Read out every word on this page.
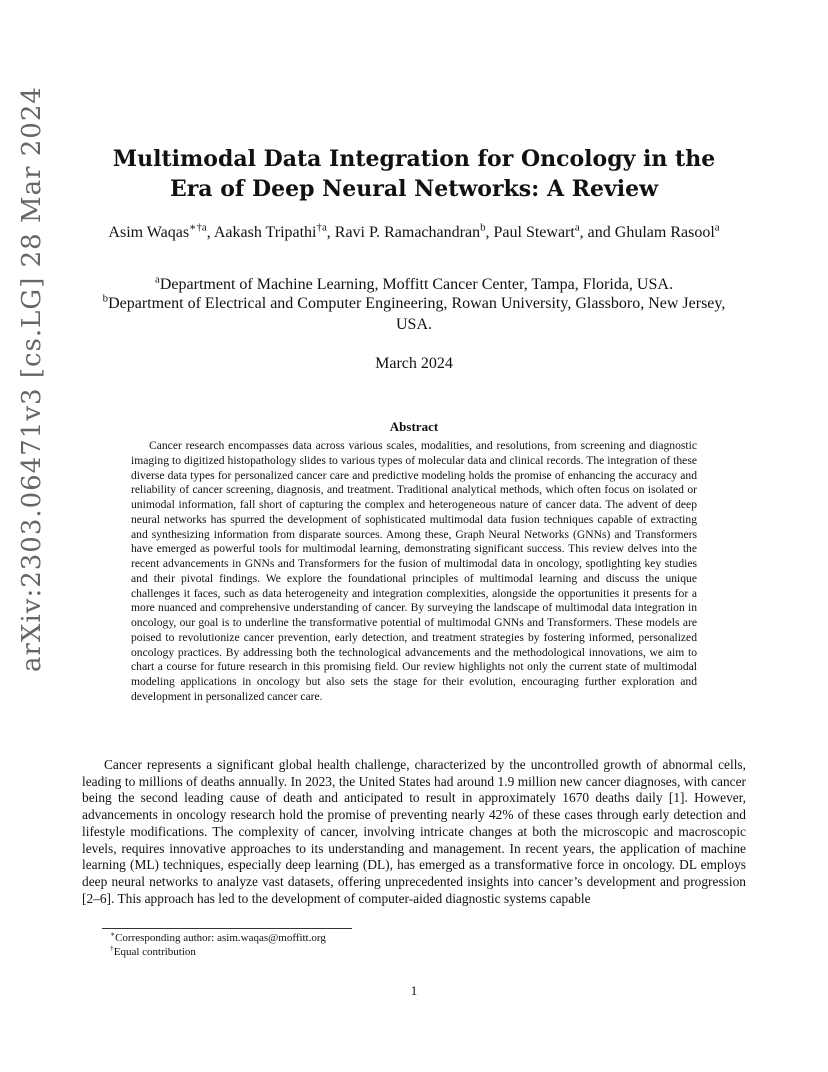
arXiv:2303.06471v3 [cs.LG] 28 Mar 2024	Multimodal Data Integration for Oncology in the Era of Deep Neural Networks: A Review
Asim Waqas$^{∗\dagger a}$, Aakash Tripathi$^{\dagger a}$, Ravi P. Ramachandran$^b$, Paul Stewart$^a$, and Ghulam Rasool$^a$
$^a$Department of Machine Learning, Moffitt Cancer Center, Tampa, Florida, USA.
$^b$Department of Electrical and Computer Engineering, Rowan University, Glassboro, New Jersey, USA.
March 2024
Abstract

Cancer research encompasses data across various scales, modalities, and resolutions, from screening and diagnostic imaging to digitized histopathology slides to various types of molecular data and clinical records. The integration of these diverse data types for personalized cancer care and predictive modeling holds the promise of enhancing the accuracy and reliability of cancer screening, diagnosis, and treatment. Traditional analytical methods, which often focus on isolated or unimodal information, fall short of capturing the complex and heterogeneous nature of cancer data. The advent of deep neural networks has spurred the development of sophisticated multimodal data fusion techniques capable of extracting and synthesizing information from disparate sources. Among these, Graph Neural Networks (GNNs) and Transformers have emerged as powerful tools for multimodal learning, demonstrating significant success. This review delves into the recent advancements in GNNs and Transformers for the fusion of multimodal data in oncology, spotlighting key studies and their pivotal findings. We explore the foundational principles of multimodal learning and discuss the unique challenges it faces, such as data heterogeneity and integration complexities, alongside the opportunities it presents for a more nuanced and comprehensive understanding of cancer. By surveying the landscape of multimodal data integration in oncology, our goal is to underline the transformative potential of multimodal GNNs and Transformers. These models are poised to revolutionize cancer prevention, early detection, and treatment strategies by fostering informed, personalized oncology practices. By addressing both the technological advancements and the methodological innovations, we aim to chart a course for future research in this promising field. Our review highlights not only the current state of multimodal modeling applications in oncology but also sets the stage for their evolution, encouraging further exploration and development in personalized cancer care.

Cancer represents a significant global health challenge, characterized by the uncontrolled growth of abnormal cells, leading to millions of deaths annually. In 2023, the United States had around 1.9 million new cancer diagnoses, with cancer being the second leading cause of death and anticipated to result in approximately 1670 deaths daily [1]. However, advancements in oncology research hold the promise of preventing nearly 42% of these cases through early detection and lifestyle modifications. The complexity of cancer, involving intricate changes at both the microscopic and macroscopic levels, requires innovative approaches to its understanding and management. In recent years, the application of machine learning (ML) techniques, especially deep learning (DL), has emerged as a transformative force in oncology. DL employs deep neural networks to analyze vast datasets, offering unprecedented insights into cancer’s development and progression [2–6]. This approach has led to the development of computer-aided diagnostic systems capable

∗Corresponding author: asim.waqas@moffitt.org
†Equal contribution
1
